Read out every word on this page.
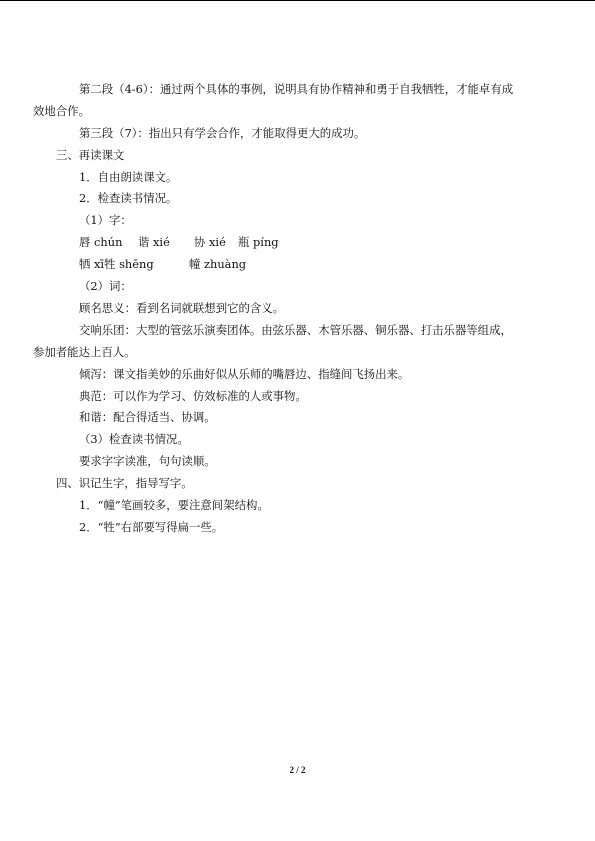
第二段（4-6）：通过两个具体的事例，说明具有协作精神和勇于自我牺牲，才能卓有成
效地合作。
第三段（7）：指出只有学会合作，才能取得更大的成功。
三、再读课文
1．自由朗读课文。
2．检查读书情况。
（1）字：
唇 chún	谐 xié	协 xié	瓶 píng
牺 xī牲 shēng	幢 zhuàng
（2）词：
顾名思义：看到名词就联想到它的含义。
交响乐团：大型的管弦乐演奏团体。由弦乐器、木管乐器、铜乐器、打击乐器等组成，
参加者能达上百人。
倾泻：课文指美妙的乐曲好似从乐师的嘴唇边、指缝间飞扬出来。
典范：可以作为学习、仿效标准的人或事物。
和谐：配合得适当、协调。
（3）检查读书情况。
要求字字读准，句句读顺。
四、识记生字，指导写字。
1．“幢”笔画较多，要注意间架结构。
2．“牲”右部要写得扁一些。
2 / 2
